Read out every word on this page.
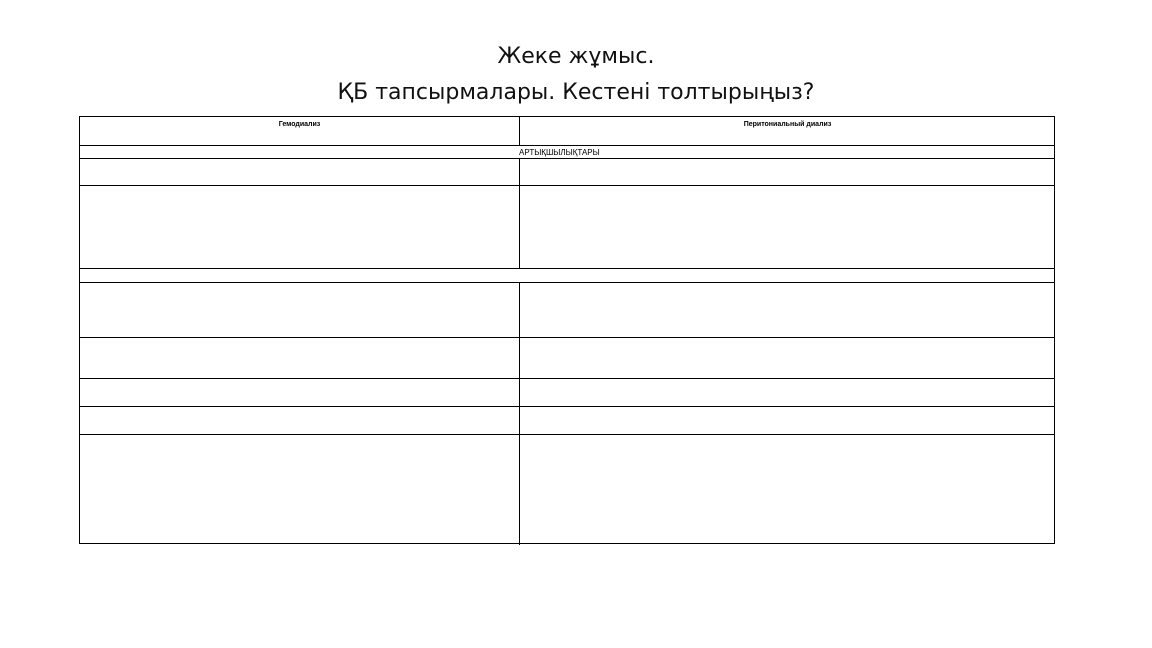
Жеке жұмыс.
ҚБ тапсырмалары. Кестені толтырыңыз?
Гемодиализ	Перитониальный диализ
АРТЫҚШЫЛЫҚТАРЫ
